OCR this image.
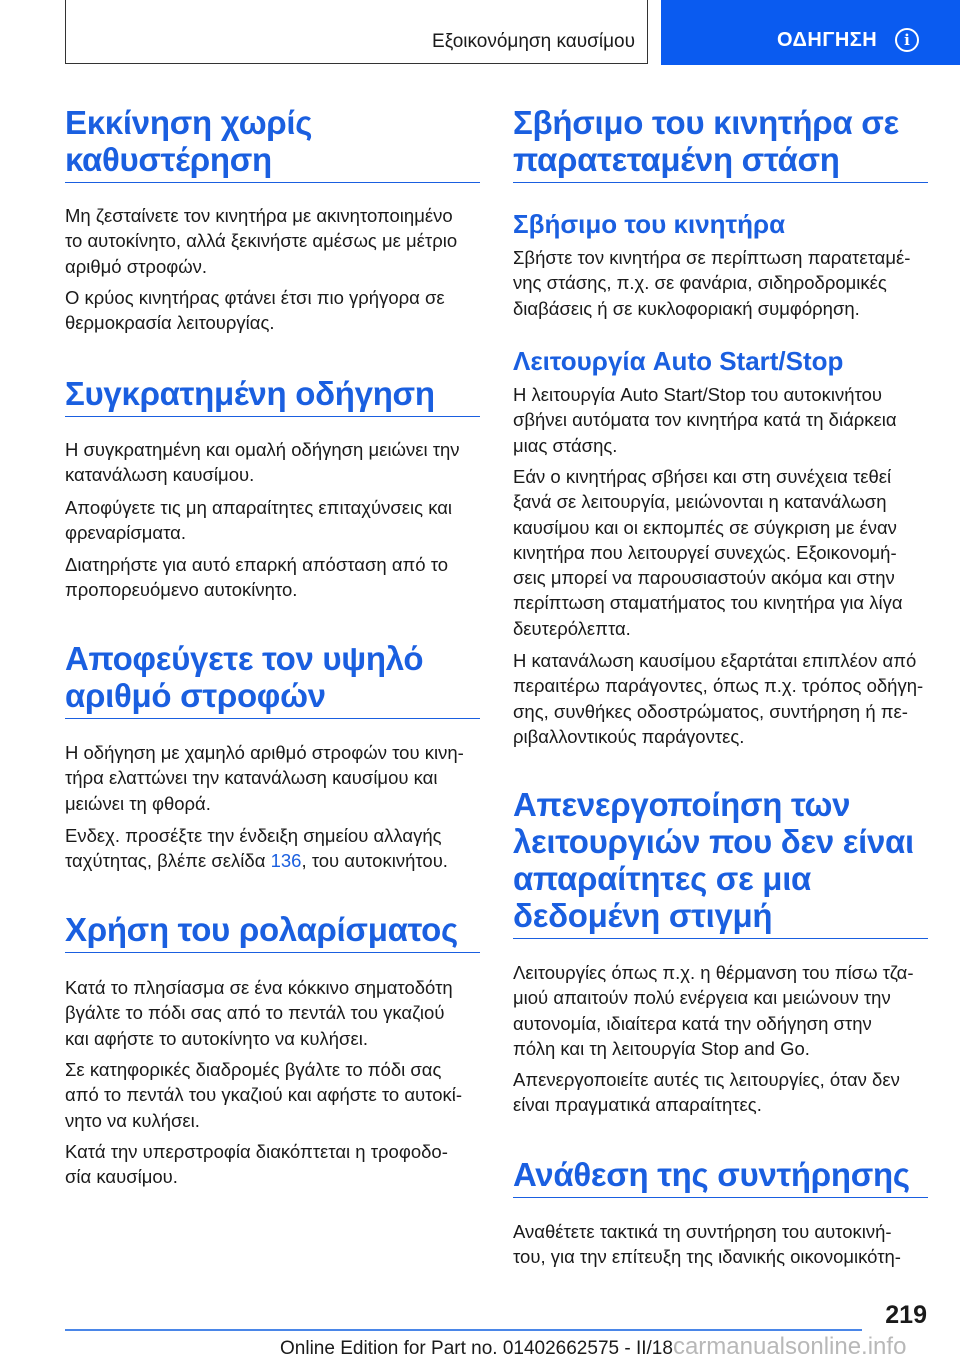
Εξοικονόμηση καυσίμου	ΟΔΗΓΗΣΗ	i
Εκκίνηση χωρίς
καθυστέρηση
Μη ζεσταίνετε τον κινητήρα με ακινητοποιημένο
το αυτοκίνητο, αλλά ξεκινήστε αμέσως με μέτριο
αριθμό στροφών.
Ο κρύος κινητήρας φτάνει έτσι πιο γρήγορα σε
θερμοκρασία λειτουργίας.
Συγκρατημένη οδήγηση
Η συγκρατημένη και ομαλή οδήγηση μειώνει την
κατανάλωση καυσίμου.
Αποφύγετε τις μη απαραίτητες επιταχύνσεις και
φρεναρίσματα.
Διατηρήστε για αυτό επαρκή απόσταση από το
προπορευόμενο αυτοκίνητο.
Αποφεύγετε τον υψηλό
αριθμό στροφών
Η οδήγηση με χαμηλό αριθμό στροφών του κινη-
τήρα ελαττώνει την κατανάλωση καυσίμου και
μειώνει τη φθορά.
Ενδεχ. προσέξτε την ένδειξη σημείου αλλαγής
ταχύτητας, βλέπε σελίδα 136, του αυτοκινήτου.
Χρήση του ρολαρίσματος
Κατά το πλησίασμα σε ένα κόκκινο σηματοδότη
βγάλτε το πόδι σας από το πεντάλ του γκαζιού
και αφήστε το αυτοκίνητο να κυλήσει.
Σε κατηφορικές διαδρομές βγάλτε το πόδι σας
από το πεντάλ του γκαζιού και αφήστε το αυτοκί-
νητο να κυλήσει.
Κατά την υπερστροφία διακόπτεται η τροφοδο-
σία καυσίμου.
Σβήσιμο του κινητήρα σε
παρατεταμένη στάση
Σβήσιμο του κινητήρα
Σβήστε τον κινητήρα σε περίπτωση παρατεταμέ-
νης στάσης, π.χ. σε φανάρια, σιδηροδρομικές
διαβάσεις ή σε κυκλοφοριακή συμφόρηση.
Λειτουργία Auto Start/Stop
Η λειτουργία Auto Start/Stop του αυτοκινήτου
σβήνει αυτόματα τον κινητήρα κατά τη διάρκεια
μιας στάσης.
Εάν ο κινητήρας σβήσει και στη συνέχεια τεθεί
ξανά σε λειτουργία, μειώνονται η κατανάλωση
καυσίμου και οι εκπομπές σε σύγκριση με έναν
κινητήρα που λειτουργεί συνεχώς. Εξοικονομή-
σεις μπορεί να παρουσιαστούν ακόμα και στην
περίπτωση σταματήματος του κινητήρα για λίγα
δευτερόλεπτα.
Η κατανάλωση καυσίμου εξαρτάται επιπλέον από
περαιτέρω παράγοντες, όπως π.χ. τρόπος οδήγη-
σης, συνθήκες οδοστρώματος, συντήρηση ή πε-
ριβαλλοντικούς παράγοντες.
Απενεργοποίηση των
λειτουργιών που δεν είναι
απαραίτητες σε μια
δεδομένη στιγμή
Λειτουργίες όπως π.χ. η θέρμανση του πίσω τζα-
μιού απαιτούν πολύ ενέργεια και μειώνουν την
αυτονομία, ιδιαίτερα κατά την οδήγηση στην
πόλη και τη λειτουργία Stop and Go.
Απενεργοποιείτε αυτές τις λειτουργίες, όταν δεν
είναι πραγματικά απαραίτητες.
Ανάθεση της συντήρησης
Αναθέτετε τακτικά τη συντήρηση του αυτοκινή-
του, για την επίτευξη της ιδανικής οικονομικότη-
219
Online Edition for Part no. 01402662575 - II/18carmanualsonline.info
